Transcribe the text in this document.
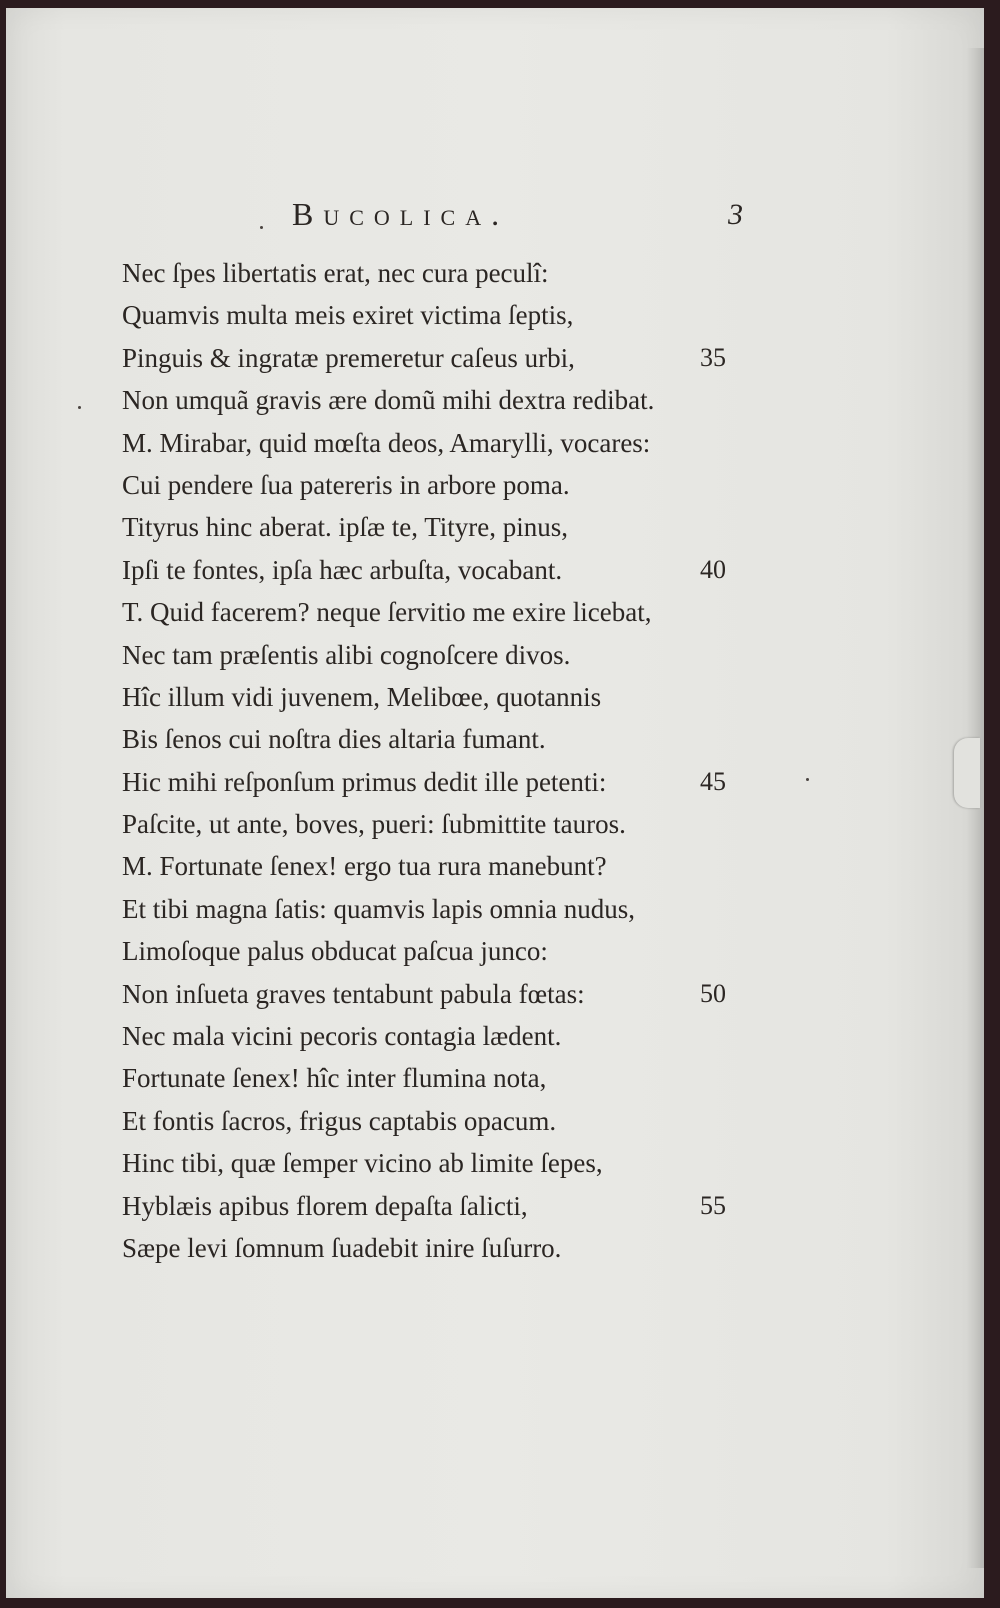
Bucolica.	3
Nec ſpes libertatis erat, nec cura peculî:
Quamvis multa meis exiret victima ſeptis,
Pinguis & ingratæ premeretur caſeus urbi,	35
Non umquã gravis ære domũ mihi dextra redibat.
M. Mirabar, quid mœſta deos, Amarylli, vocares:
Cui pendere ſua patereris in arbore poma.
Tityrus hinc aberat. ipſæ te, Tityre, pinus,
Ipſi te fontes, ipſa hæc arbuſta, vocabant.	40
T. Quid facerem? neque ſervitio me exire licebat,
Nec tam præſentis alibi cognoſcere divos.
Hîc illum vidi juvenem, Melibœe, quotannis
Bis ſenos cui noſtra dies altaria fumant.
Hic mihi reſponſum primus dedit ille petenti:	45
Paſcite, ut ante, boves, pueri: ſubmittite tauros.
M. Fortunate ſenex! ergo tua rura manebunt?
Et tibi magna ſatis: quamvis lapis omnia nudus,
Limoſoque palus obducat paſcua junco:
Non inſueta graves tentabunt pabula fœtas:	50
Nec mala vicini pecoris contagia lædent.
Fortunate ſenex! hîc inter flumina nota,
Et fontis ſacros, frigus captabis opacum.
Hinc tibi, quæ ſemper vicino ab limite ſepes,
Hyblæis apibus florem depaſta ſalicti,	55
Sæpe levi ſomnum ſuadebit inire ſuſurro.
